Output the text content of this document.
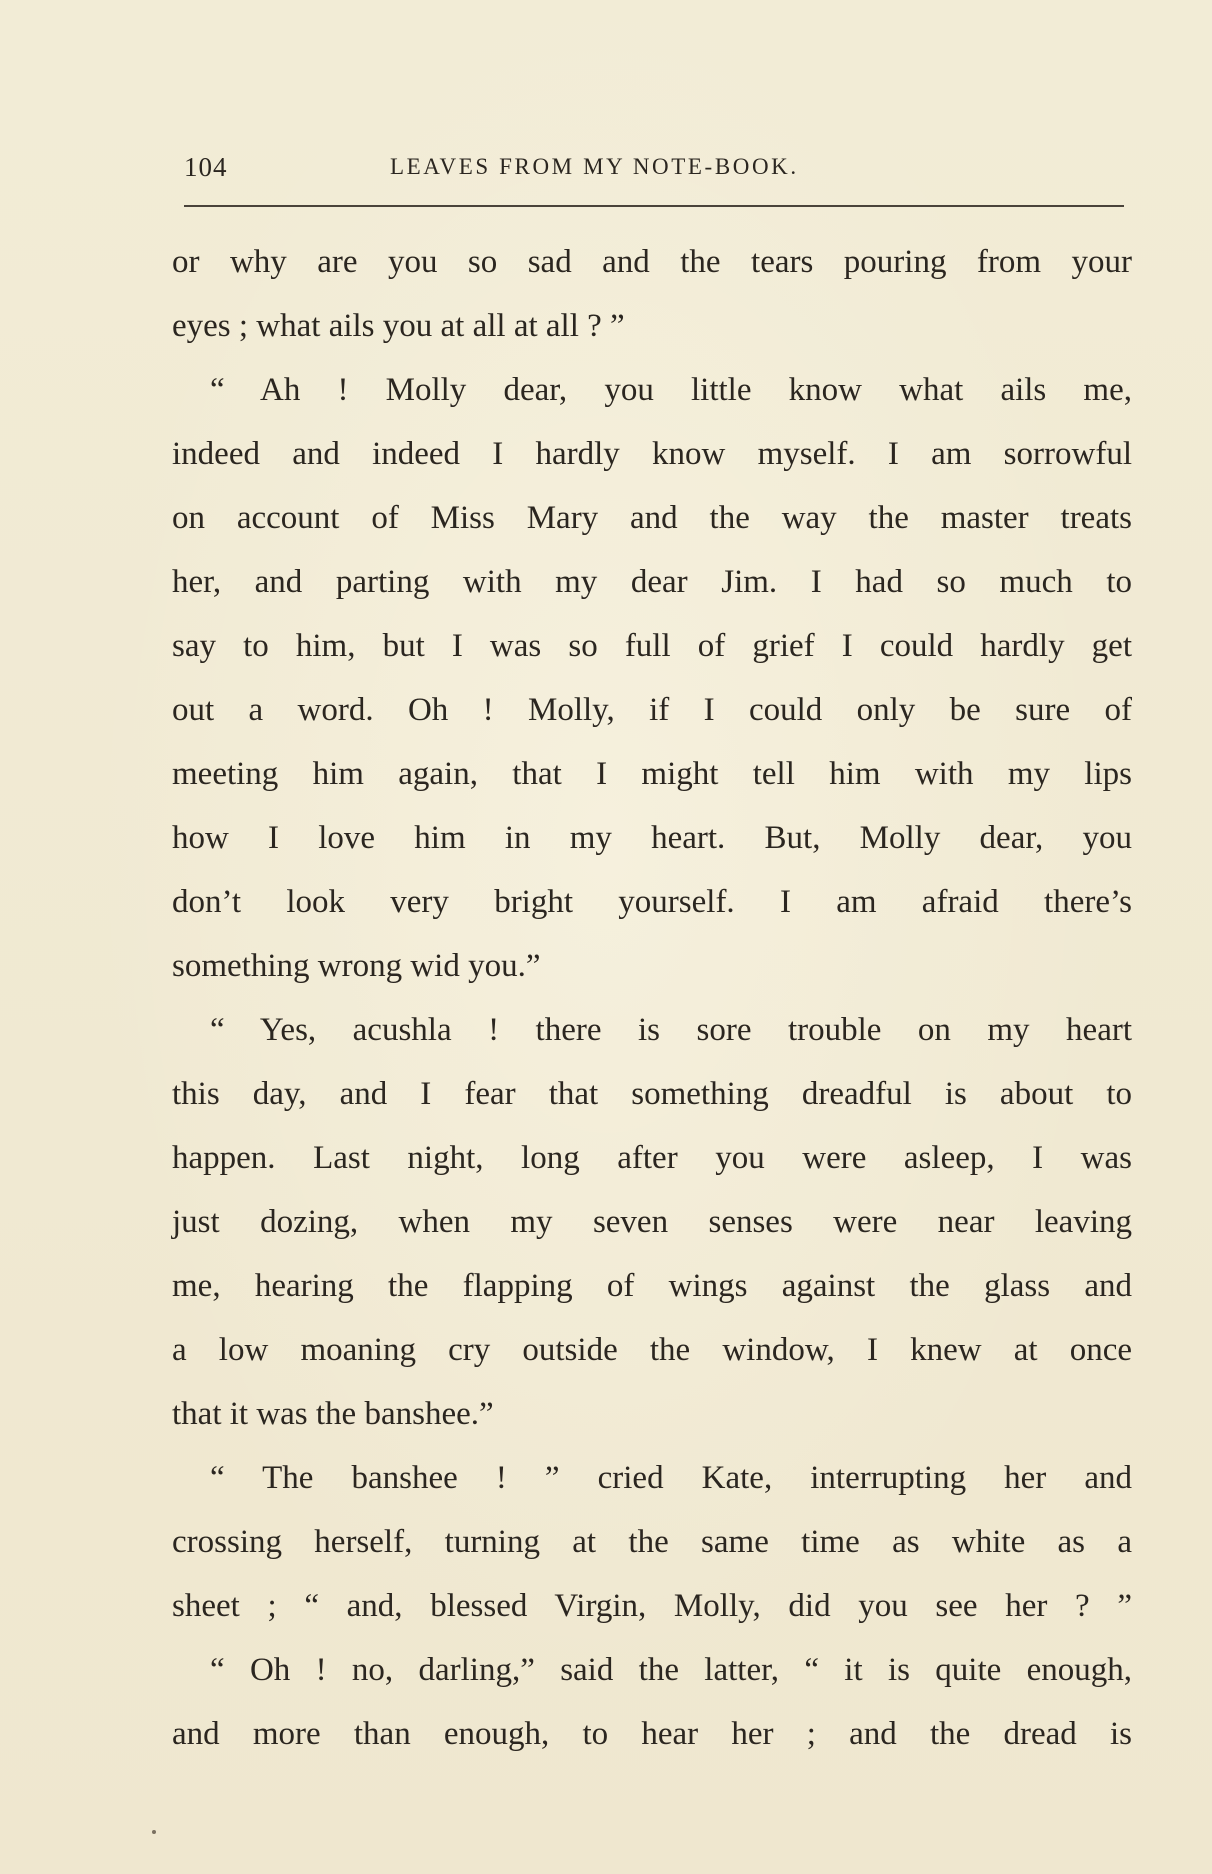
104	LEAVES FROM MY NOTE-BOOK.
or why are you so sad and the tears pouring from your
eyes ; what ails you at all at all ? ”
“ Ah ! Molly dear, you little know what ails me,
indeed and indeed I hardly know myself. I am sorrowful
on account of Miss Mary and the way the master treats
her, and parting with my dear Jim. I had so much to
say to him, but I was so full of grief I could hardly get
out a word. Oh ! Molly, if I could only be sure of
meeting him again, that I might tell him with my lips
how I love him in my heart. But, Molly dear, you
don’t look very bright yourself. I am afraid there’s
something wrong wid you.”
“ Yes, acushla ! there is sore trouble on my heart
this day, and I fear that something dreadful is about to
happen. Last night, long after you were asleep, I was
just dozing, when my seven senses were near leaving
me, hearing the flapping of wings against the glass and
a low moaning cry outside the window, I knew at once
that it was the banshee.”
“ The banshee ! ” cried Kate, interrupting her and
crossing herself, turning at the same time as white as a
sheet ; “ and, blessed Virgin, Molly, did you see her ? ”
“ Oh ! no, darling,” said the latter, “ it is quite enough,
and more than enough, to hear her ; and the dread is
